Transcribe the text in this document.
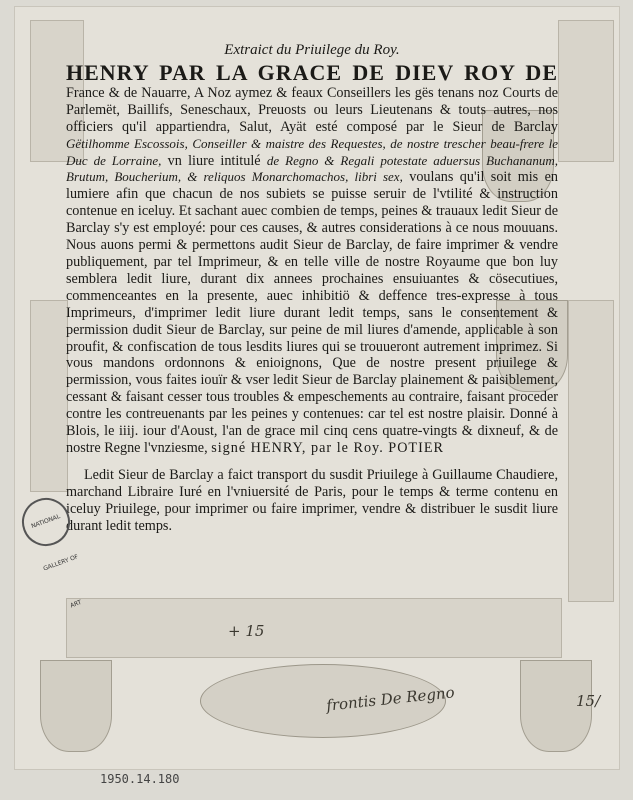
Extraict du Priuilege du Roy.

HENRY PAR LA GRACE DE DIEV ROY DE France & de Nauarre, A Noz aymez & feaux Conseillers les gës tenans noz Courts de Parlemët, Baillifs, Seneschaux, Preuosts ou leurs Lieutenans & touts autres, nos officiers qu'il appartiendra, Salut, Ayät esté composé par le Sieur de Barclay Gëtilhomme Escossois, Conseiller & maistre des Requestes, de nostre trescher beau-frere le Duc de Lorraine, vn liure intitulé de Regno & Regali potestate aduersus Buchananum, Brutum, Boucherium, & reliquos Monarchomachos, libri sex, voulans qu'il soit mis en lumiere afin que chacun de nos subiets se puisse seruir de l'vtilité & instruction contenue en iceluy. Et sachant auec combien de temps, peines & trauaux ledit Sieur de Barclay s'y est employé: pour ces causes, & autres considerations à ce nous mouuans. Nous auons permi & permettons audit Sieur de Barclay, de faire imprimer & vendre publiquement, par tel Imprimeur, & en telle ville de nostre Royaume que bon luy semblera ledit liure, durant dix annees prochaines ensuiuantes & cösecutiues, commenceantes en la presente, auec inhibitiö & deffence tres-expresse à tous Imprimeurs, d'imprimer ledit liure durant ledit temps, sans le consentement & permission dudit Sieur de Barclay, sur peine de mil liures d'amende, applicable à son proufit, & confiscation de tous lesdits liures qui se trouueront autrement imprimez. Si vous mandons ordonnons & enioignons, Que de nostre present priuilege & permission, vous faites iouïr & vser ledit Sieur de Barclay plainement & paisiblement, cessant & faisant cesser tous troubles & empeschements au contraire, faisant proceder contre les contreuenants par les peines y contenues: car tel est nostre plaisir. Donné à Blois, le iiij. iour d'Aoust, l'an de grace mil cinq cens quatre-vingts & dixneuf, & de nostre Regne l'vnziesme, signé HENRY, par le Roy. POTIER

Ledit Sieur de Barclay a faict transport du susdit Priuilege à Guillaume Chaudiere, marchand Libraire Iuré en l'vniuersité de Paris, pour le temps & terme contenu en iceluy Priuilege, pour imprimer ou faire imprimer, vendre & distribuer le susdit liure durant ledit temps.

NATIONAL GALLERY OF ART
+ 15
frontis De Regno	15/
1950.14.180
